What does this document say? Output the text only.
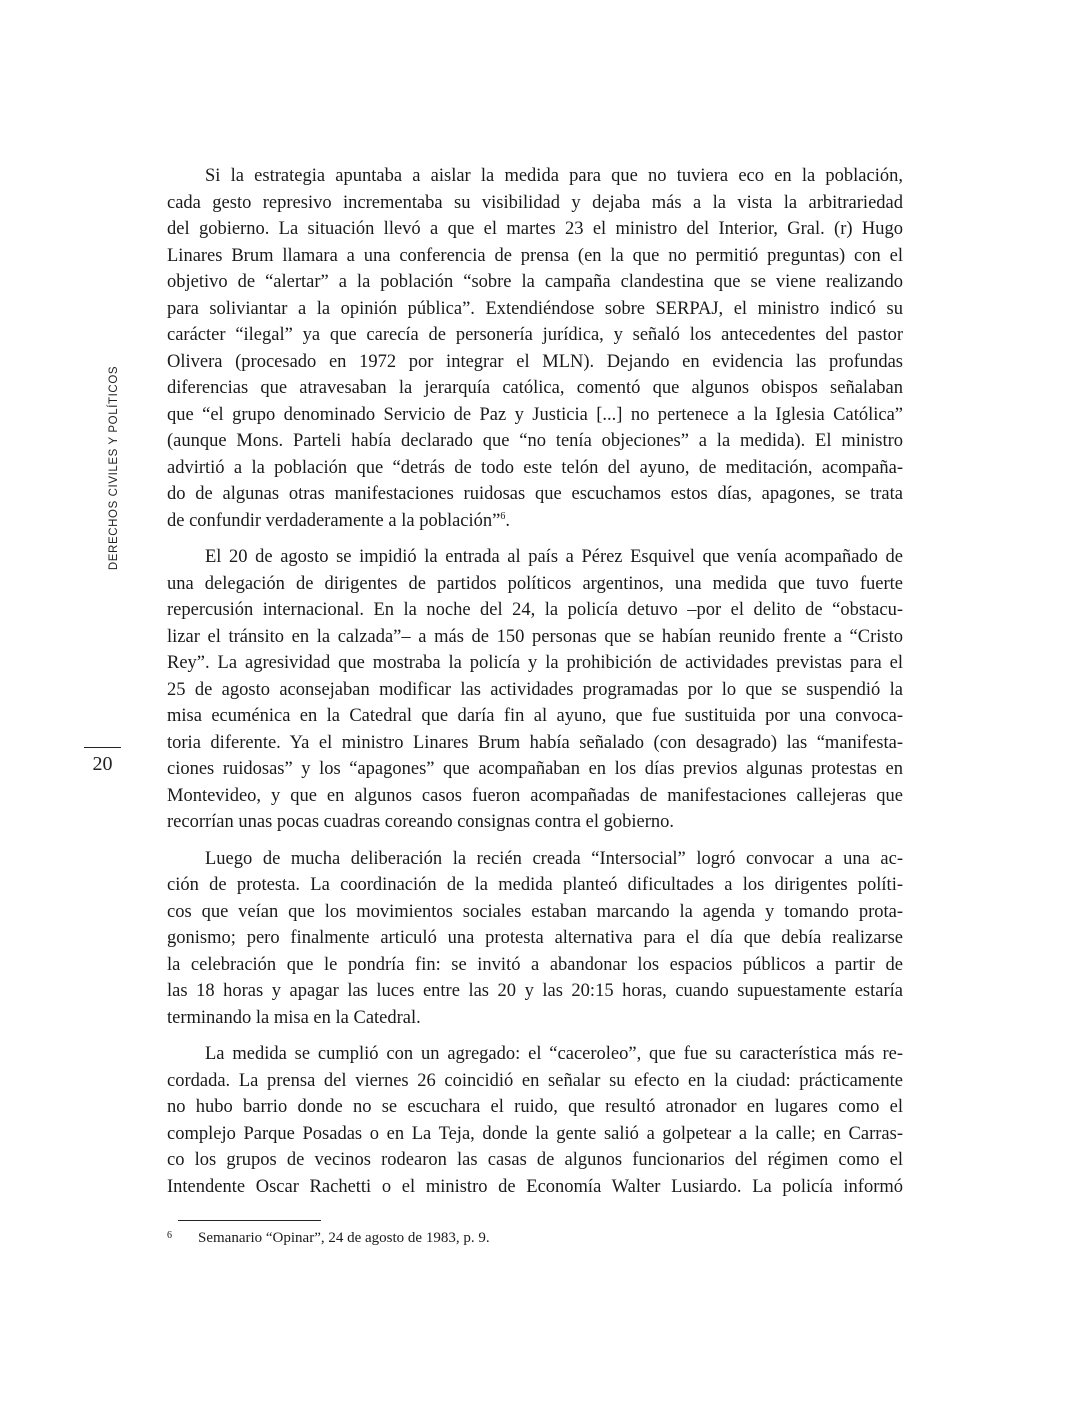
DERECHOS CIVILES Y POLÍTICOS
20

Si la estrategia apuntaba a aislar la medida para que no tuviera eco en la población,
cada gesto represivo incrementaba su visibilidad y dejaba más a la vista la arbitrariedad
del gobierno. La situación llevó a que el martes 23 el ministro del Interior, Gral. (r) Hugo
Linares Brum llamara a una conferencia de prensa (en la que no permitió preguntas) con el
objetivo de “alertar” a la población “sobre la campaña clandestina que se viene realizando
para soliviantar a la opinión pública”. Extendiéndose sobre SERPAJ, el ministro indicó su
carácter “ilegal” ya que carecía de personería jurídica, y señaló los antecedentes del pastor
Olivera (procesado en 1972 por integrar el MLN). Dejando en evidencia las profundas
diferencias que atravesaban la jerarquía católica, comentó que algunos obispos señalaban
que “el grupo denominado Servicio de Paz y Justicia [...] no pertenece a la Iglesia Católica”
(aunque Mons. Parteli había declarado que “no tenía objeciones” a la medida). El ministro
advirtió a la población que “detrás de todo este telón del ayuno, de meditación, acompaña-
do de algunas otras manifestaciones ruidosas que escuchamos estos días, apagones, se trata
de confundir verdaderamente a la población”$^6$.

El 20 de agosto se impidió la entrada al país a Pérez Esquivel que venía acompañado de
una delegación de dirigentes de partidos políticos argentinos, una medida que tuvo fuerte
repercusión internacional. En la noche del 24, la policía detuvo –por el delito de “obstacu-
lizar el tránsito en la calzada”– a más de 150 personas que se habían reunido frente a “Cristo
Rey”. La agresividad que mostraba la policía y la prohibición de actividades previstas para el
25 de agosto aconsejaban modificar las actividades programadas por lo que se suspendió la
misa ecuménica en la Catedral que daría fin al ayuno, que fue sustituida por una convoca-
toria diferente. Ya el ministro Linares Brum había señalado (con desagrado) las “manifesta-
ciones ruidosas” y los “apagones” que acompañaban en los días previos algunas protestas en
Montevideo, y que en algunos casos fueron acompañadas de manifestaciones callejeras que
recorrían unas pocas cuadras coreando consignas contra el gobierno.

Luego de mucha deliberación la recién creada “Intersocial” logró convocar a una ac-
ción de protesta. La coordinación de la medida planteó dificultades a los dirigentes políti-
cos que veían que los movimientos sociales estaban marcando la agenda y tomando prota-
gonismo; pero finalmente articuló una protesta alternativa para el día que debía realizarse
la celebración que le pondría fin: se invitó a abandonar los espacios públicos a partir de
las 18 horas y apagar las luces entre las 20 y las 20:15 horas, cuando supuestamente estaría
terminando la misa en la Catedral.

La medida se cumplió con un agregado: el “caceroleo”, que fue su característica más re-
cordada. La prensa del viernes 26 coincidió en señalar su efecto en la ciudad: prácticamente
no hubo barrio donde no se escuchara el ruido, que resultó atronador en lugares como el
complejo Parque Posadas o en La Teja, donde la gente salió a golpetear a la calle; en Carras-
co los grupos de vecinos rodearon las casas de algunos funcionarios del régimen como el
Intendente Oscar Rachetti o el ministro de Economía Walter Lusiardo. La policía informó

6 Semanario “Opinar”, 24 de agosto de 1983, p. 9.
